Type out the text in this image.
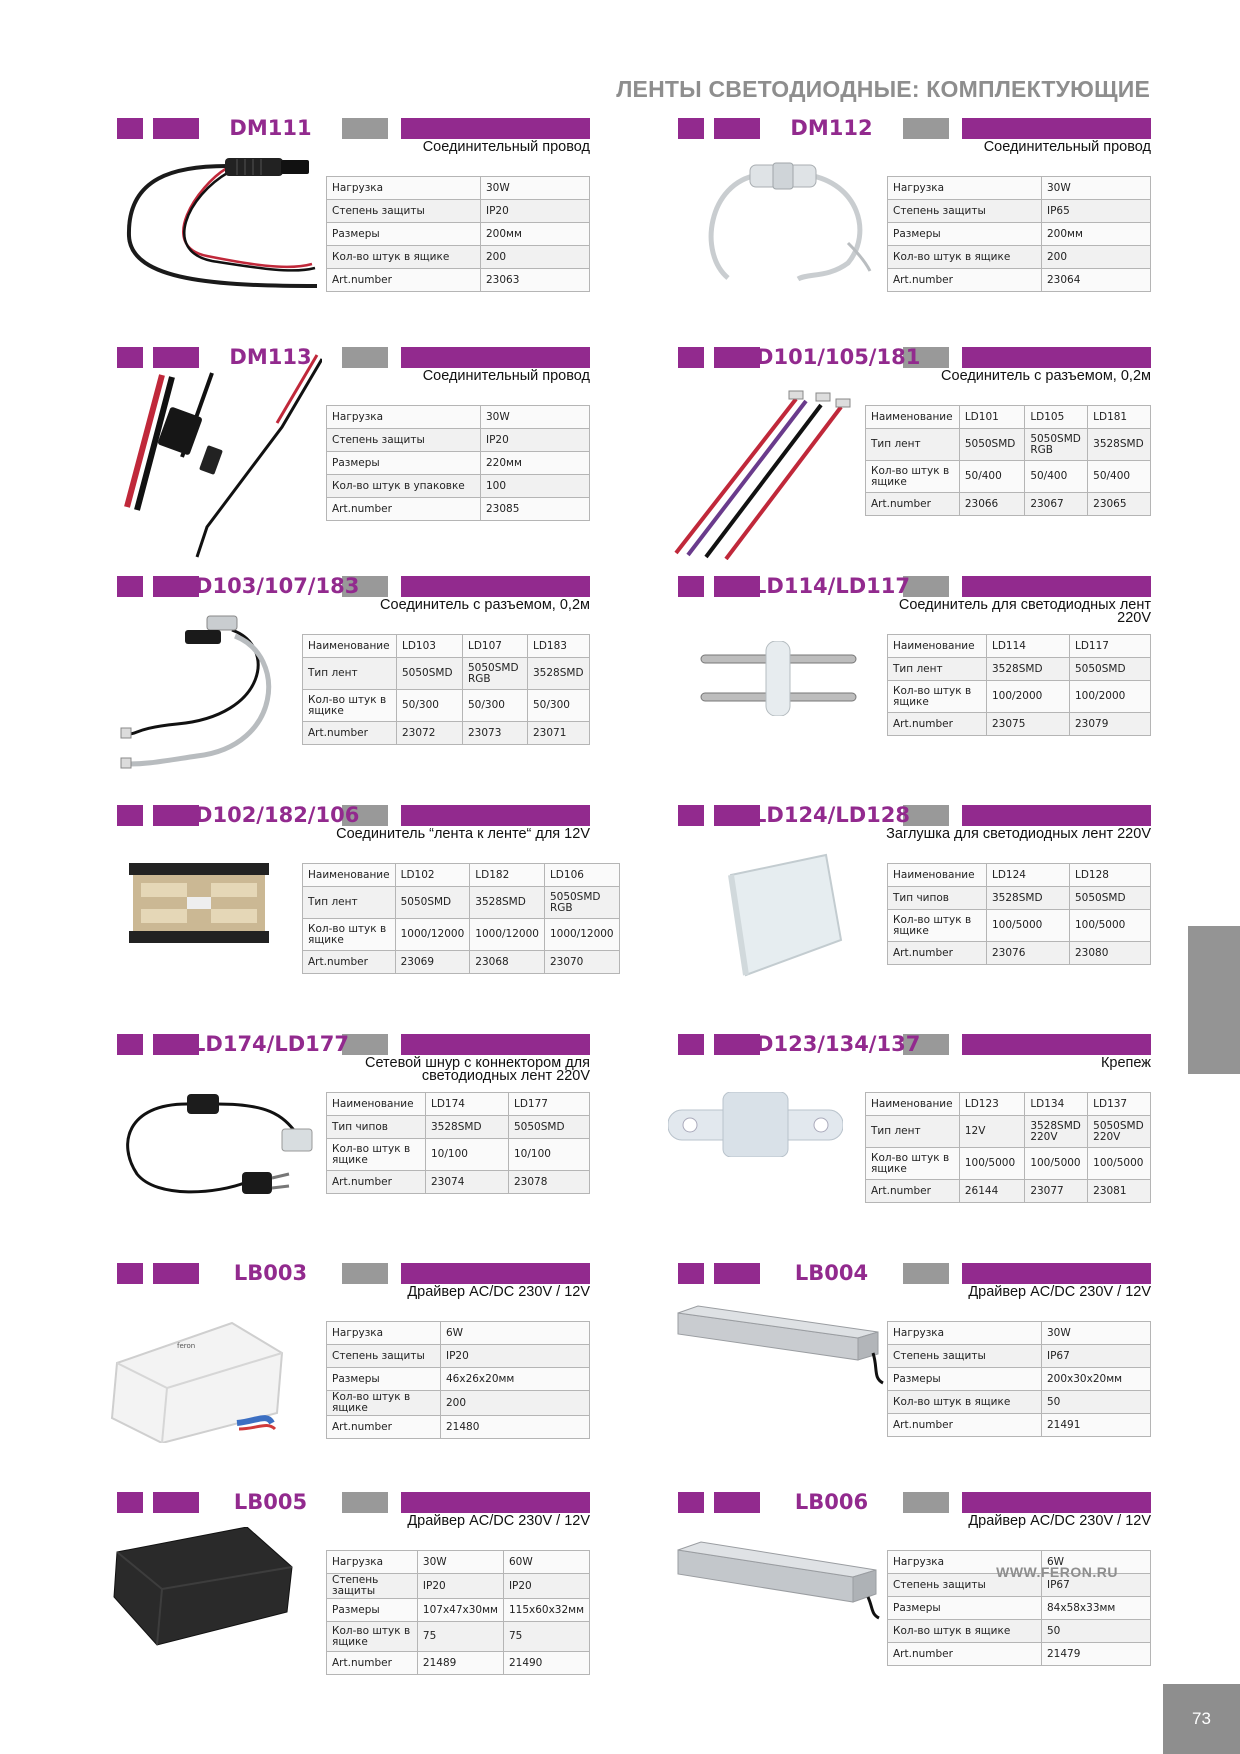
ЛЕНТЫ СВЕТОДИОДНЫЕ: КОМПЛЕКТУЮЩИЕ
DM111
Соединительный провод
Нагрузка	30W
Степень защиты	IP20
Размеры	200мм
Кол-во штук в ящике	200
Art.number	23063
DM112
Соединительный провод
Нагрузка	30W
Степень защиты	IP65
Размеры	200мм
Кол-во штук в ящике	200
Art.number	23064
DM113
Соединительный провод
Нагрузка	30W
Степень защиты	IP20
Размеры	220мм
Кол-во штук в упаковке	100
Art.number	23085
LD101/105/181
Соединитель с разъемом, 0,2м
Наименование	LD101	LD105	LD181
Тип лент	5050SMD	5050SMD RGB	3528SMD
Кол-во штук в ящике	50/400	50/400	50/400
Art.number	23066	23067	23065
LD103/107/183
Соединитель с разъемом, 0,2м
Наименование	LD103	LD107	LD183
Тип лент	5050SMD	5050SMD RGB	3528SMD
Кол-во штук в ящике	50/300	50/300	50/300
Art.number	23072	23073	23071
LD114/LD117
Соединитель для светодиодных лент 220V
Наименование	LD114	LD117
Тип лент	3528SMD	5050SMD
Кол-во штук в ящике	100/2000	100/2000
Art.number	23075	23079
LD102/182/106
Соединитель “лента к ленте“ для 12V
Наименование	LD102	LD182	LD106
Тип лент	5050SMD	3528SMD	5050SMD RGB
Кол-во штук в ящике	1000/12000	1000/12000	1000/12000
Art.number	23069	23068	23070
LD124/LD128
Заглушка для светодиодных лент 220V
Наименование	LD124	LD128
Тип чипов	3528SMD	5050SMD
Кол-во штук в ящике	100/5000	100/5000
Art.number	23076	23080
LD174/LD177
Сетевой шнур с коннектором для светодиодных лент 220V
Наименование	LD174	LD177
Тип чипов	3528SMD	5050SMD
Кол-во штук в ящике	10/100	10/100
Art.number	23074	23078
LD123/134/137
Крепеж
Наименование	LD123	LD134	LD137
Тип лент	12V	3528SMD 220V	5050SMD 220V
Кол-во штук в ящике	100/5000	100/5000	100/5000
Art.number	26144	23077	23081
LB003
Драйвер AC/DC 230V / 12V
feron
Нагрузка	6W
Степень защиты	IP20
Размеры	46x26x20мм
Кол-во штук в ящике	200
Art.number	21480
LB004
Драйвер AC/DC 230V / 12V
Нагрузка	30W
Степень защиты	IP67
Размеры	200x30x20мм
Кол-во штук в ящике	50
Art.number	21491
LB005
Драйвер AC/DC 230V / 12V
Нагрузка	30W	60W
Степень защиты	IP20	IP20
Размеры	107x47x30мм	115x60x32мм
Кол-во штук в ящике	75	75
Art.number	21489	21490
LB006
Драйвер AC/DC 230V / 12V
Нагрузка	6W
Степень защиты	IP67
Размеры	84x58x33мм
Кол-во штук в ящике	50
Art.number	21479
WWW.FERON.RU
73
